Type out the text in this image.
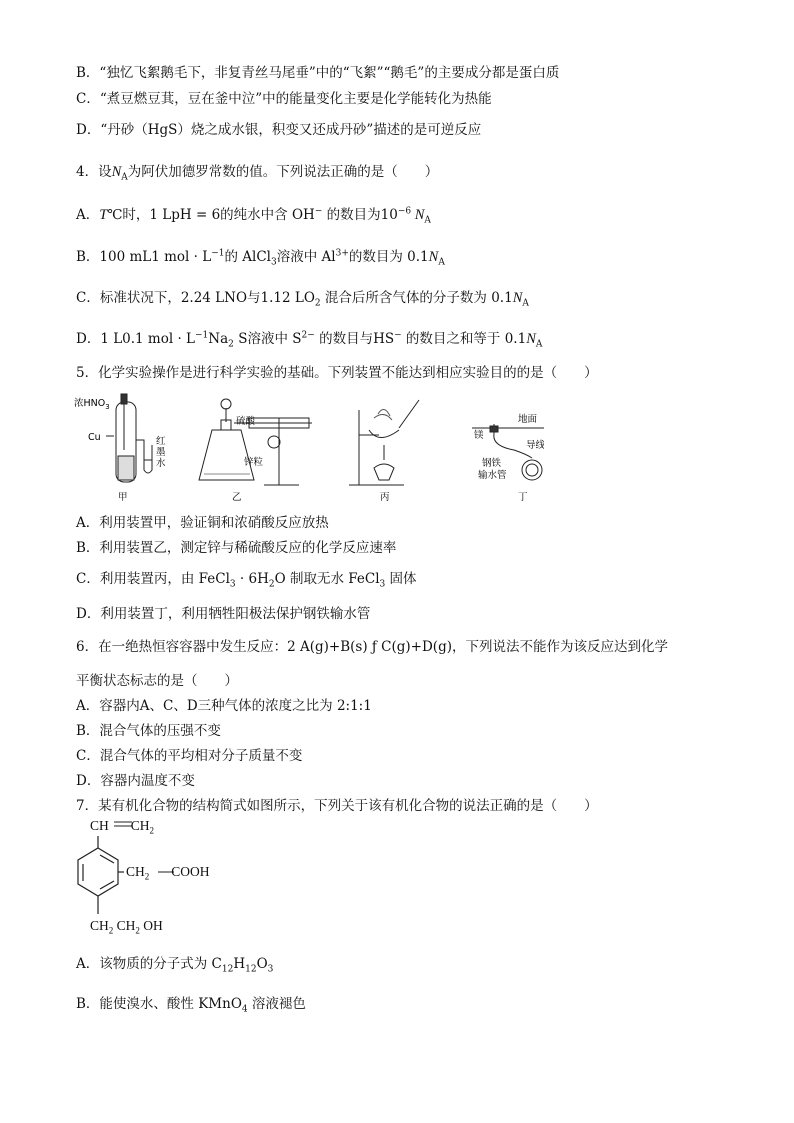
B．“独忆飞絮鹅毛下，非复青丝马尾垂”中的“飞絮”“鹅毛”的主要成分都是蛋白质
C．“煮豆燃豆萁，豆在釜中泣”中的能量变化主要是化学能转化为热能
D．“丹砂（HgS）烧之成水银，积变又还成丹砂”描述的是可逆反应
4．设$N_A$为阿伏加德罗常数的值。下列说法正确的是（　　）
A．T℃时，1 LpH = 6的纯水中含 OH− 的数目为$10^{-6}$ $N_A$
B．100 mL1 mol · $L^{-1}$的 AlCl$_3$溶液中 $Al^{3+}$的数目为 $0.1N_A$
C．标准状况下，2.24 LNO与1.12 $LO_2$ 混合后所含气体的分子数为 $0.1N_A$
D．1 L0.1 mol · $L^{-1}Na_2$ S溶液中 $S^{2-}$ 的数目与HS− 的数目之和等于 $0.1N_A$
5．化学实验操作是进行科学实验的基础。下列装置不能达到相应实验目的的是（　　）
浓$HNO_3$
Cu	红
墨
水
甲
硫酸
锌粒
乙	丙
镁
地面
导线
钢铁
输水管
丁
A．利用装置甲，验证铜和浓硝酸反应放热
B．利用装置乙，测定锌与稀硫酸反应的化学反应速率
C．利用装置丙，由 FeCl$_3$ · $6H_2O$ 制取无水 FeCl$_3$ 固体
D．利用装置丁，利用牺牲阳极法保护钢铁输水管
6．在一绝热恒容容器中发生反应：2 A(g)+B(s) ƒ C(g)+D(g)，下列说法不能作为该反应达到化学
平衡状态标志的是（　　）
A．容器内A、C、D三种气体的浓度之比为 2:1:1
B．混合气体的压强不变
C．混合气体的平均相对分子质量不变
D．容器内温度不变
7．某有机化合物的结构简式如图所示，下列关于该有机化合物的说法正确的是（　　）
CH $CH_2$
$CH_2$ COOH
$CH_2$ $CH_2$ OH
A．该物质的分子式为 $C_{12}H_{12}O_3$
B．能使溴水、酸性 KMnO$_4$ 溶液褪色
